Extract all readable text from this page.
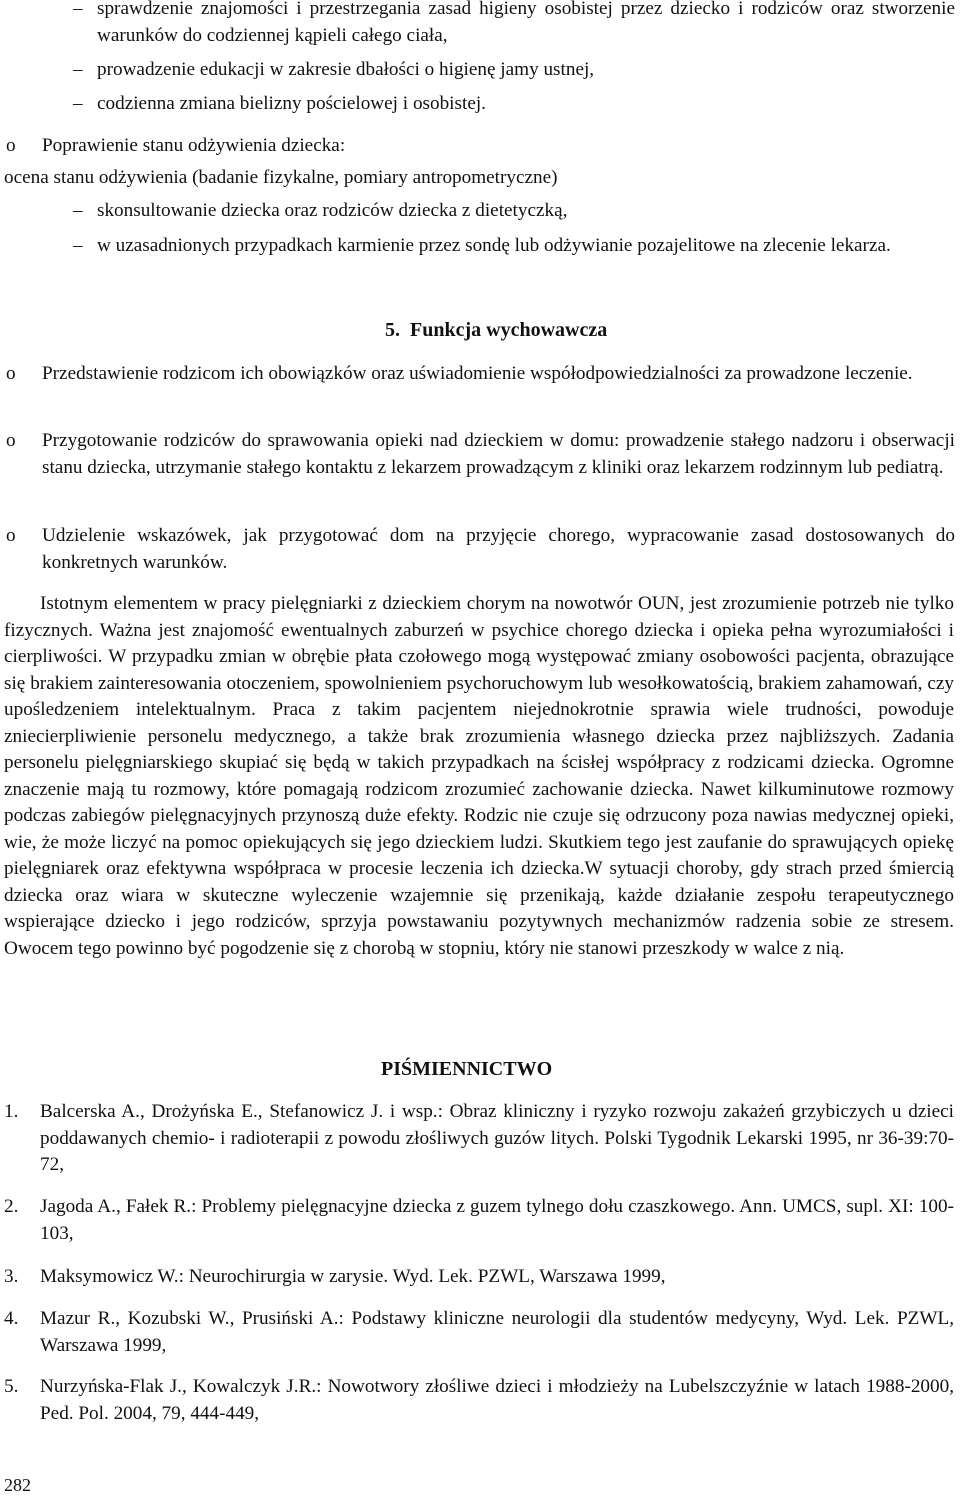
– sprawdzenie znajomości i przestrzegania zasad higieny osobistej przez dziecko i rodziców oraz stworzenie warunków do codziennej kąpieli całego ciała,
– prowadzenie edukacji w zakresie dbałości o higienę jamy ustnej,
– codzienna zmiana bielizny pościelowej i osobistej.
o Poprawienie stanu odżywienia dziecka:
ocena stanu odżywienia (badanie fizykalne, pomiary antropometryczne)
– skonsultowanie dziecka oraz rodziców dziecka z dietetyczką,
– w uzasadnionych przypadkach karmienie przez sondę lub odżywianie pozajelitowe na zlecenie lekarza.
5. Funkcja wychowawcza
o Przedstawienie rodzicom ich obowiązków oraz uświadomienie współodpowiedzialności za prowadzone leczenie.
o Przygotowanie rodziców do sprawowania opieki nad dzieckiem w domu: prowadzenie stałego nadzoru i obserwacji stanu dziecka, utrzymanie stałego kontaktu z lekarzem prowadzącym z kliniki oraz lekarzem rodzinnym lub pediatrą.
o Udzielenie wskazówek, jak przygotować dom na przyjęcie chorego, wypracowanie zasad dostosowanych do konkretnych warunków.

Istotnym elementem w pracy pielęgniarki z dzieckiem chorym na nowotwór OUN, jest zrozumienie potrzeb nie tylko fizycznych. Ważna jest znajomość ewentualnych zaburzeń w psychice chorego dziecka i opieka pełna wyrozumiałości i cierpliwości. W przypadku zmian w obrębie płata czołowego mogą występować zmiany osobowości pacjenta, obrazujące się brakiem zainteresowania otoczeniem, spowolnieniem psychoruchowym lub wesołkowatością, brakiem zahamowań, czy upośledzeniem intelektualnym. Praca z takim pacjentem niejednokrotnie sprawia wiele trudności, powoduje zniecierpliwienie personelu medycznego, a także brak zrozumienia własnego dziecka przez najbliższych. Zadania personelu pielęgniarskiego skupiać się będą w takich przypadkach na ścisłej współpracy z rodzicami dziecka. Ogromne znaczenie mają tu rozmowy, które pomagają rodzicom zrozumieć zachowanie dziecka. Nawet kilkuminutowe rozmowy podczas zabiegów pielęgnacyjnych przynoszą duże efekty. Rodzic nie czuje się odrzucony poza nawias medycznej opieki, wie, że może liczyć na pomoc opiekujących się jego dzieckiem ludzi. Skutkiem tego jest zaufanie do sprawujących opiekę pielęgniarek oraz efektywna współpraca w procesie leczenia ich dziecka.W sytuacji choroby, gdy strach przed śmiercią dziecka oraz wiara w skuteczne wyleczenie wzajemnie się przenikają, każde działanie zespołu terapeutycznego wspierające dziecko i jego rodziców, sprzyja powstawaniu pozytywnych mechanizmów radzenia sobie ze stresem. Owocem tego powinno być pogodzenie się z chorobą w stopniu, który nie stanowi przeszkody w walce z nią.

PIŚMIENNICTWO
1. Balcerska A., Drożyńska E., Stefanowicz J. i wsp.: Obraz kliniczny i ryzyko rozwoju zakażeń grzybiczych u dzieci poddawanych chemio- i radioterapii z powodu złośliwych guzów litych. Polski Tygodnik Lekarski 1995, nr 36-39:70-72,
2. Jagoda A., Fałek R.: Problemy pielęgnacyjne dziecka z guzem tylnego dołu czaszkowego. Ann. UMCS, supl. XI: 100-103,
3. Maksymowicz W.: Neurochirurgia w zarysie. Wyd. Lek. PZWL, Warszawa 1999,
4. Mazur R., Kozubski W., Prusiński A.: Podstawy kliniczne neurologii dla studentów medycyny, Wyd. Lek. PZWL, Warszawa 1999,
5. Nurzyńska-Flak J., Kowalczyk J.R.: Nowotwory złośliwe dzieci i młodzieży na Lubelszczyźnie w latach 1988-2000, Ped. Pol. 2004, 79, 444-449,
282
